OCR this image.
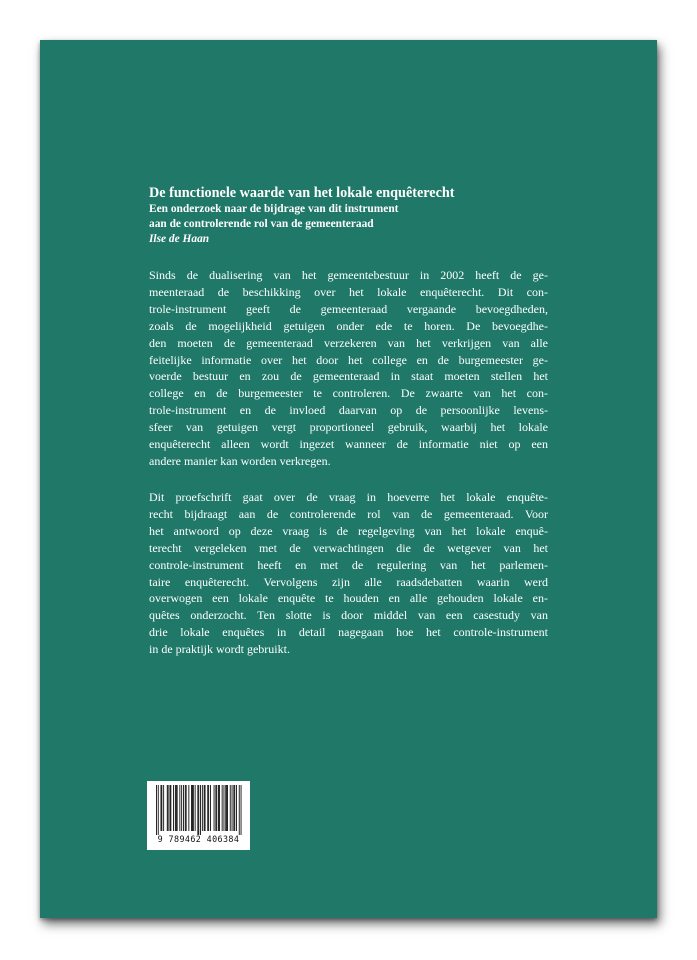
De functionele waarde van het lokale enquêterecht
Een onderzoek naar de bijdrage van dit instrument
aan de controlerende rol van de gemeenteraad
Ilse de Haan
Sinds de dualisering van het gemeentebestuur in 2002 heeft de ge-
meenteraad de beschikking over het lokale enquêterecht. Dit con-
trole-instrument geeft de gemeenteraad vergaande bevoegdheden,
zoals de mogelijkheid getuigen onder ede te horen. De bevoegdhe-
den moeten de gemeenteraad verzekeren van het verkrijgen van alle
feitelijke informatie over het door het college en de burgemeester ge-
voerde bestuur en zou de gemeenteraad in staat moeten stellen het
college en de burgemeester te controleren. De zwaarte van het con-
trole-instrument en de invloed daarvan op de persoonlijke levens-
sfeer van getuigen vergt proportioneel gebruik, waarbij het lokale
enquêterecht alleen wordt ingezet wanneer de informatie niet op een
andere manier kan worden verkregen.
Dit proefschrift gaat over de vraag in hoeverre het lokale enquête-
recht bijdraagt aan de controlerende rol van de gemeenteraad. Voor
het antwoord op deze vraag is de regelgeving van het lokale enquê-
terecht vergeleken met de verwachtingen die de wetgever van het
controle-instrument heeft en met de regulering van het parlemen-
taire enquêterecht. Vervolgens zijn alle raadsdebatten waarin werd
overwogen een lokale enquête te houden en alle gehouden lokale en-
quêtes onderzocht. Ten slotte is door middel van een casestudy van
drie lokale enquêtes in detail nagegaan hoe het controle-instrument
in de praktijk wordt gebruikt.
9 789462 406384
